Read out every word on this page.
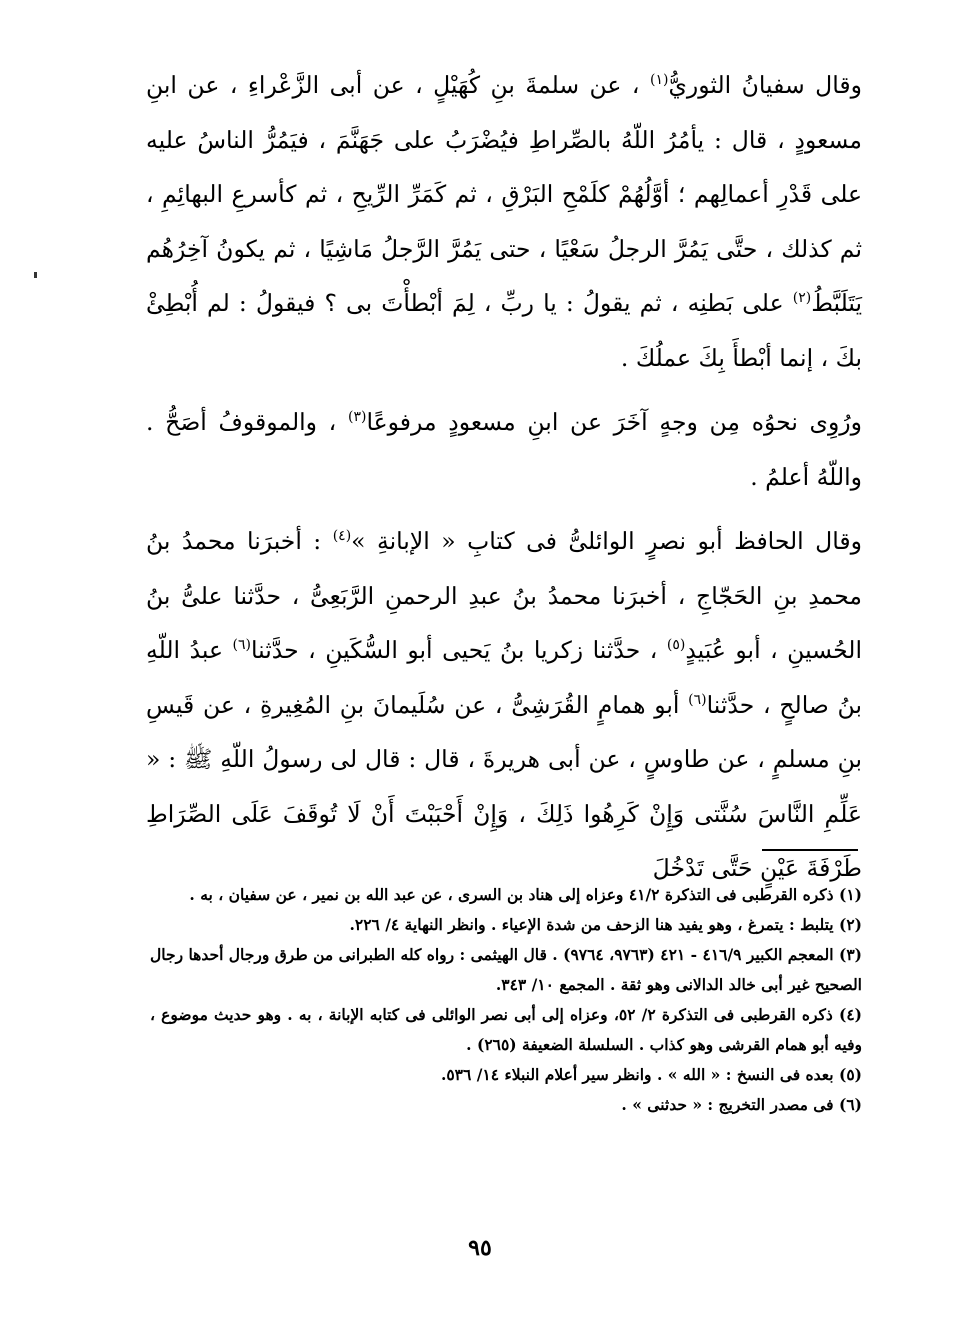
وقال سفيانُ الثوريُّ$^{(١)}$ ، عن سلمةَ بنِ كُهَيْلٍ ، عن أبى الزَّعْراءِ ، عن ابنِ مسعودٍ ، قال : يأمُرُ اللّهُ بالصِّراطِ فيُضْرَبُ على جَهَنَّمَ ، فيَمُرُّ الناسُ عليه على قَدْرِ أعمالِهم ؛ أوَّلُهُمْ كلَمْحِ البَرْقِ ، ثم كَمَرِّ الرِّيحِ ، ثم كأسرعِ البهائِمِ ، ثم كذلك ، حتَّى يَمُرَّ الرجلُ سَعْيًا ، حتى يَمُرَّ الرَّجلُ مَاشِيًا ، ثم يكونُ آخِرُهُم يَتَلَبَّطُ$^{(٢)}$ على بَطنِه ، ثم يقولُ : يا ربِّ ، لِمَ أبْطأْتَ بى ؟ فيقولُ : لم أُبْطِئْ بكَ ، إنما أبْطأَ بِكَ عملُكَ .

ورُوِى نحوُه مِن وجهٍ آخَرَ عن ابنِ مسعودٍ مرفوعًا$^{(٣)}$ ، والموقوفُ أصَحُّ . واللّهُ أعلمُ .

وقال الحافظ أبو نصرٍ الوائلىُّ فى كتابِ « الإبانةِ »$^{(٤)}$ : أخبرَنا محمدُ بنُ محمدِ بنِ الحَجّاجِ ، أخبرَنا محمدُ بنُ عبدِ الرحمنِ الرَّبَعِىُّ ، حدَّثنا علىُّ بنُ الحُسينِ ، أبو عُبَيدٍ$^{(٥)}$ ، حدَّثنا زكريا بنُ يَحيى أبو السُّكَينِ ، حدَّثنا$^{(٦)}$ عبدُ اللّهِ بنُ صالحٍ ، حدَّثنا$^{(٦)}$ أبو همامٍ القُرَشِىُّ ، عن سُلَيمانَ بنِ المُغِيرةِ ، عن قَيسِ بنِ مسلمٍ ، عن طاوسٍ ، عن أبى هريرةَ ، قال : قال لى رسولُ اللّهِ ﷺ : « عَلِّمِ النَّاسَ سُنَّتى وَإِنْ كَرِهُوا ذَلِكَ ، وَإِنْ أَحْبَبْتَ أَنْ لَا تُوقَفَ عَلَى الصِّرَاطِ طَرْفَةَ عَيْنٍ حَتَّى تَدْخُلَ

(١) ذكره القرطبى فى التذكرة ٤١/٢ وعزاه إلى هناد بن السرى ، عن عبد الله بن نمير ، عن سفيان ، به .

(٢) يتلبط : يتمرغ ، وهو يفيد هنا الزحف من شدة الإعياء . وانظر النهاية ٤/ ٢٢٦.

(٣) المعجم الكبير ٤١٦/٩ - ٤٢١ (٩٧٦٣، ٩٧٦٤) . قال الهيثمى : رواه كله الطبرانى من طرق ورجال أحدها رجال الصحيح غير أبى خالد الدالانى وهو ثقة . المجمع ١٠/ ٣٤٣.

(٤) ذكره القرطبى فى التذكرة ٢/ ٥٢، وعزاه إلى أبى نصر الوائلى فى كتابه الإبانة ، به . وهو حديث موضوع ، وفيه أبو همام القرشى وهو كذاب . السلسلة الضعيفة (٢٦٥) .

(٥) بعده فى النسخ : « الله » . وانظر سير أعلام النبلاء ١٤/ ٥٣٦.

(٦) فى مصدر التخريج : « حدثنى » .

٩٥
